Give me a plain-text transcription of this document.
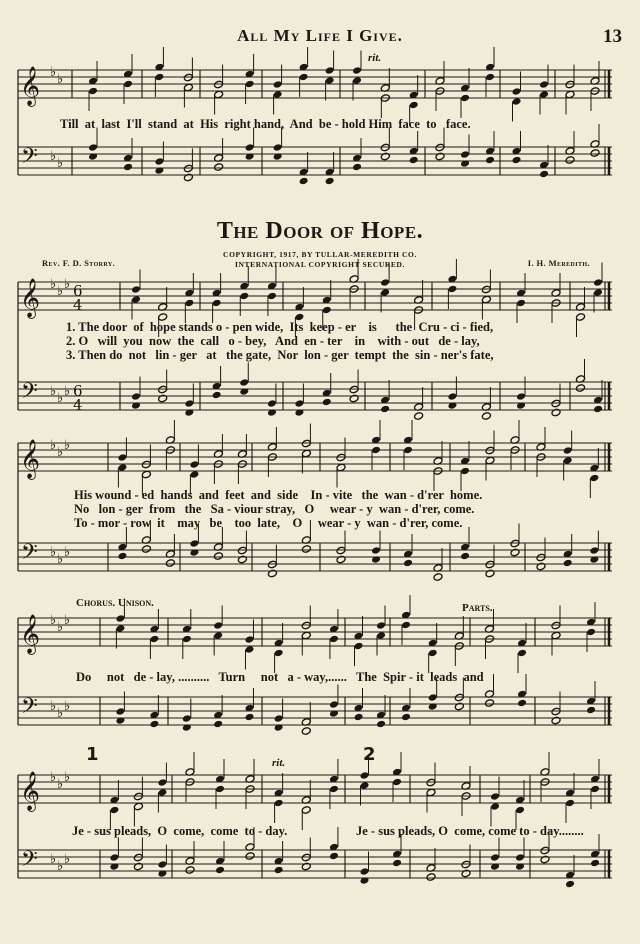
All My Life I Give.	13
𝄞
𝄢
♭
♭
♭
♭
𝄞
𝄢
♭
♭
♭
♭
♭
♭
𝄞
𝄢
♭
♭
♭
♭
♭
♭
𝄞
𝄢
♭
♭
♭
♭
♭
♭
𝄞
𝄢
♭
♭
♭
♭
♭
♭
6
4
6
4
rit.
Till  at  last  I'll  stand  at  His  right hand,  And  be - hold Him  face  to   face.
The Door of Hope.
COPYRIGHT, 1917, BY TULLAR-MEREDITH CO.
INTERNATIONAL COPYRIGHT SECURED.
Rev. F. D. Storry.	I. H. Meredith.
1. The door  of  hope stands o - pen wide,  Its  keep - er    is      the  Cru - ci - fied,
2. O   will  you  now  the  call   o - bey,   And  en - ter    in    with - out   de - lay,
3. Then do  not   lin - ger   at   the gate,  Nor  lon - ger  tempt  the  sin - ner's fate,
His wound - ed  hands  and  feet  and  side    In - vite   the  wan - d'rer  home.
No   lon - ger  from   the   Sa - viour stray,   O     wear - y  wan - d'rer, come.
To - mor - row  it    may   be    too  late,    O     wear - y  wan - d'rer, come.
Chorus. Unison.	Parts.
Do     not   de - lay, ..........   Turn     not   a - way,......   The  Spir - it  leads  and
1	2
rit.
Je - sus pleads,  O  come,  come  to - day.	Je - sus pleads, O  come, come to - day........
